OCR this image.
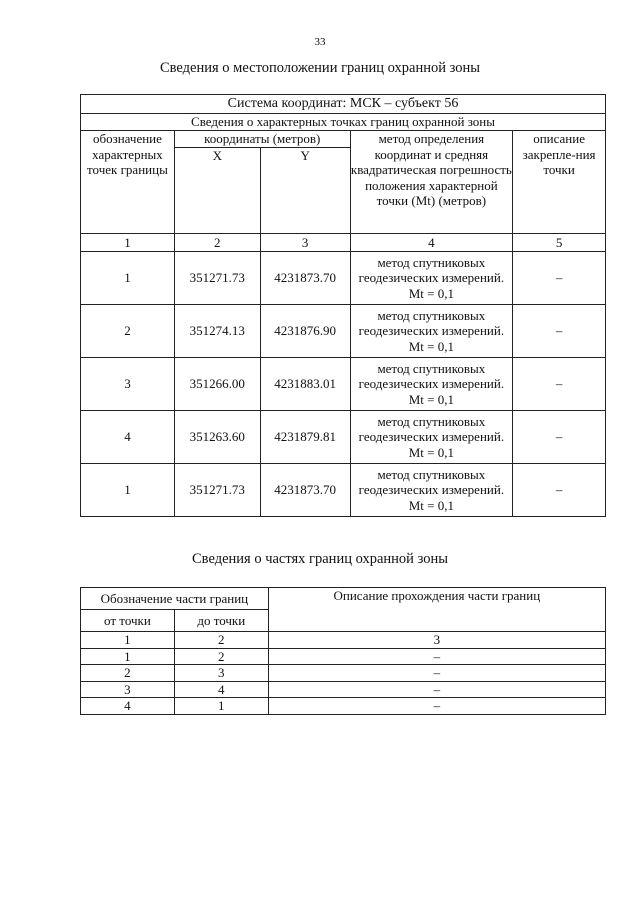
33
Сведения о местоположении границ охранной зоны
Система координат: МСК – субъект 56				
Сведения о характерных точках границ охранной зоны				
обозначение характерных точек границы	координаты (метров)		метод определения координат и средняя квадратическая погрешность положения характерной точки (Mt) (метров)	описание закрепле-ния точки
	X	Y		
1	2	3	4	5
1	351271.73	4231873.70	метод спутниковых геодезических измерений. Mt = 0,1	–
2	351274.13	4231876.90	метод спутниковых геодезических измерений. Mt = 0,1	–
3	351266.00	4231883.01	метод спутниковых геодезических измерений. Mt = 0,1	–
4	351263.60	4231879.81	метод спутниковых геодезических измерений. Mt = 0,1	–
1	351271.73	4231873.70	метод спутниковых геодезических измерений. Mt = 0,1	–
Сведения о частях границ охранной зоны
Обозначение части границ		Описание прохождения части границ
от точки	до точки	
1	2	3
1	2	–
2	3	–
3	4	–
4	1	–
